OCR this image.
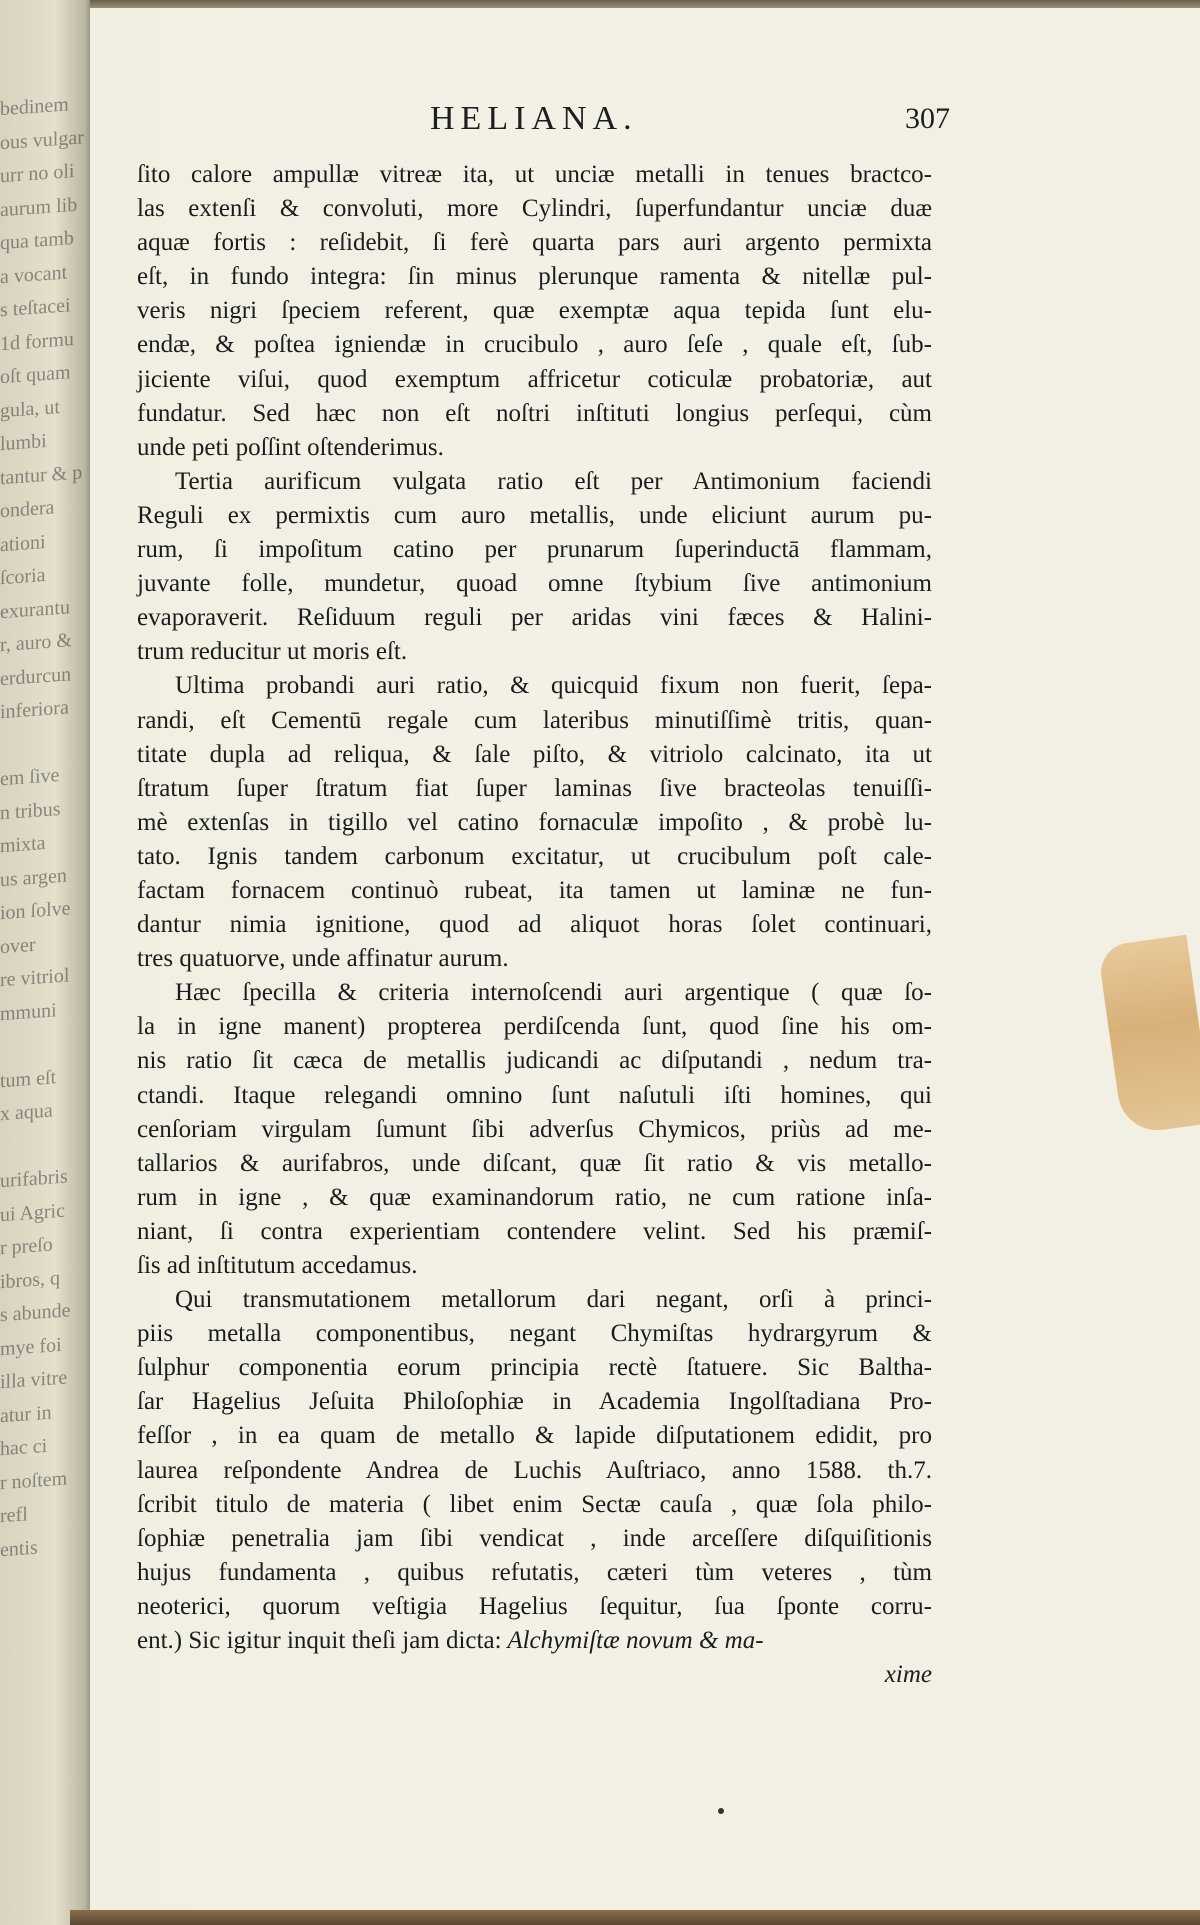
bedinem
ous vulgar
urr no oli
aurum lib
qua tamb
a vocant
s teſtacei
1d formu
oſt quam
gula, ut
lumbi
tantur & p
ondera
ationi
ſcoria
exurantu
r, auro &
erdurcun
inferiora

em ſive
n tribus
mixta
us argen
ion ſolve
over
re vitriol
mmuni

tum eſt
x aqua

urifabris
ui Agric
r preſo
ibros, q
s abunde
mye foi
illa vitre
atur in
hac ci
r noſtem
refl
entis
HELIANA.	307
ſito calore ampullæ vitreæ ita, ut unciæ metalli in tenues bractco-
las extenſi & convoluti, more Cylindri, ſuperfundantur unciæ duæ
aquæ fortis : reſidebit, ſi ferè quarta pars auri argento permixta
eſt, in fundo integra: ſin minus plerunque ramenta & nitellæ pul-
veris nigri ſpeciem referent, quæ exemptæ aqua tepida ſunt elu-
endæ, & poſtea igniendæ in crucibulo , auro ſeſe , quale eſt, ſub-
jiciente viſui, quod exemptum affricetur coticulæ probatoriæ, aut
fundatur. Sed hæc non eſt noſtri inſtituti longius perſequi, cùm
unde peti poſſint oſtenderimus.
Tertia aurificum vulgata ratio eſt per Antimonium faciendi
Reguli ex permixtis cum auro metallis, unde eliciunt aurum pu-
rum, ſi impoſitum catino per prunarum ſuperinductā flammam,
juvante folle, mundetur, quoad omne ſtybium ſive antimonium
evaporaverit. Reſiduum reguli per aridas vini fæces & Halini-
trum reducitur ut moris eſt.
Ultima probandi auri ratio, & quicquid fixum non fuerit, ſepa-
randi, eſt Cementū regale cum lateribus minutiſſimè tritis, quan-
titate dupla ad reliqua, & ſale piſto, & vitriolo calcinato, ita ut
ſtratum ſuper ſtratum fiat ſuper laminas ſive bracteolas tenuiſſi-
mè extenſas in tigillo vel catino fornaculæ impoſito , & probè lu-
tato. Ignis tandem carbonum excitatur, ut crucibulum poſt cale-
factam fornacem continuò rubeat, ita tamen ut laminæ ne fun-
dantur nimia ignitione, quod ad aliquot horas ſolet continuari,
tres quatuorve, unde affinatur aurum.
Hæc ſpecilla & criteria internoſcendi auri argentique ( quæ ſo-
la in igne manent) propterea perdiſcenda ſunt, quod ſine his om-
nis ratio ſit cæca de metallis judicandi ac diſputandi , nedum tra-
ctandi. Itaque relegandi omnino ſunt naſutuli iſti homines, qui
cenſoriam virgulam ſumunt ſibi adverſus Chymicos, priùs ad me-
tallarios & aurifabros, unde diſcant, quæ ſit ratio & vis metallo-
rum in igne , & quæ examinandorum ratio, ne cum ratione inſa-
niant, ſi contra experientiam contendere velint. Sed his præmiſ-
ſis ad inſtitutum accedamus.
Qui transmutationem metallorum dari negant, orſi à princi-
piis metalla componentibus, negant Chymiſtas hydrargyrum &
ſulphur componentia eorum principia rectè ſtatuere. Sic Baltha-
ſar Hagelius Jeſuita Philoſophiæ in Academia Ingolſtadiana Pro-
feſſor , in ea quam de metallo & lapide diſputationem edidit, pro
laurea reſpondente Andrea de Luchis Auſtriaco, anno 1588. th.7.
ſcribit titulo de materia ( libet enim Sectæ cauſa , quæ ſola philo-
ſophiæ penetralia jam ſibi vendicat , inde arceſſere diſquiſitionis
hujus fundamenta , quibus refutatis, cæteri tùm veteres , tùm
neoterici, quorum veſtigia Hagelius ſequitur, ſua ſponte corru-
ent.) Sic igitur inquit theſi jam dicta: Alchymiſtæ novum & ma-
xime
